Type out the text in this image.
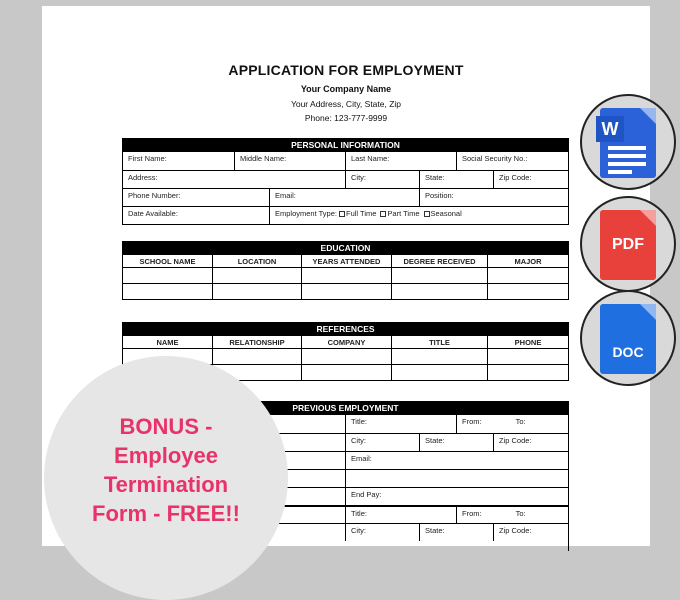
APPLICATION FOR EMPLOYMENT
Your Company Name
Your Address, City, State, Zip
Phone: 123-777-9999
PERSONAL INFORMATION
First Name:	Middle Name:	Last Name:	Social Security No.:
Address:	City:	State:	Zip Code:
Phone Number:	Email:	Position:
Date Available:	Employment Type: Full Time Part Time Seasonal
EDUCATION
SCHOOL NAME	LOCATION	YEARS ATTENDED	DEGREE RECEIVED	MAJOR
REFERENCES
NAME	RELATIONSHIP	COMPANY	TITLE	PHONE
PREVIOUS EMPLOYMENT
Title:	From:	To:
City:	State:	Zip Code:
Email:
End Pay:
Title:	From:	To:
City:	State:	Zip Code:
W
PDF
DOC
BONUS -
Employee
Termination
Form - FREE!!
